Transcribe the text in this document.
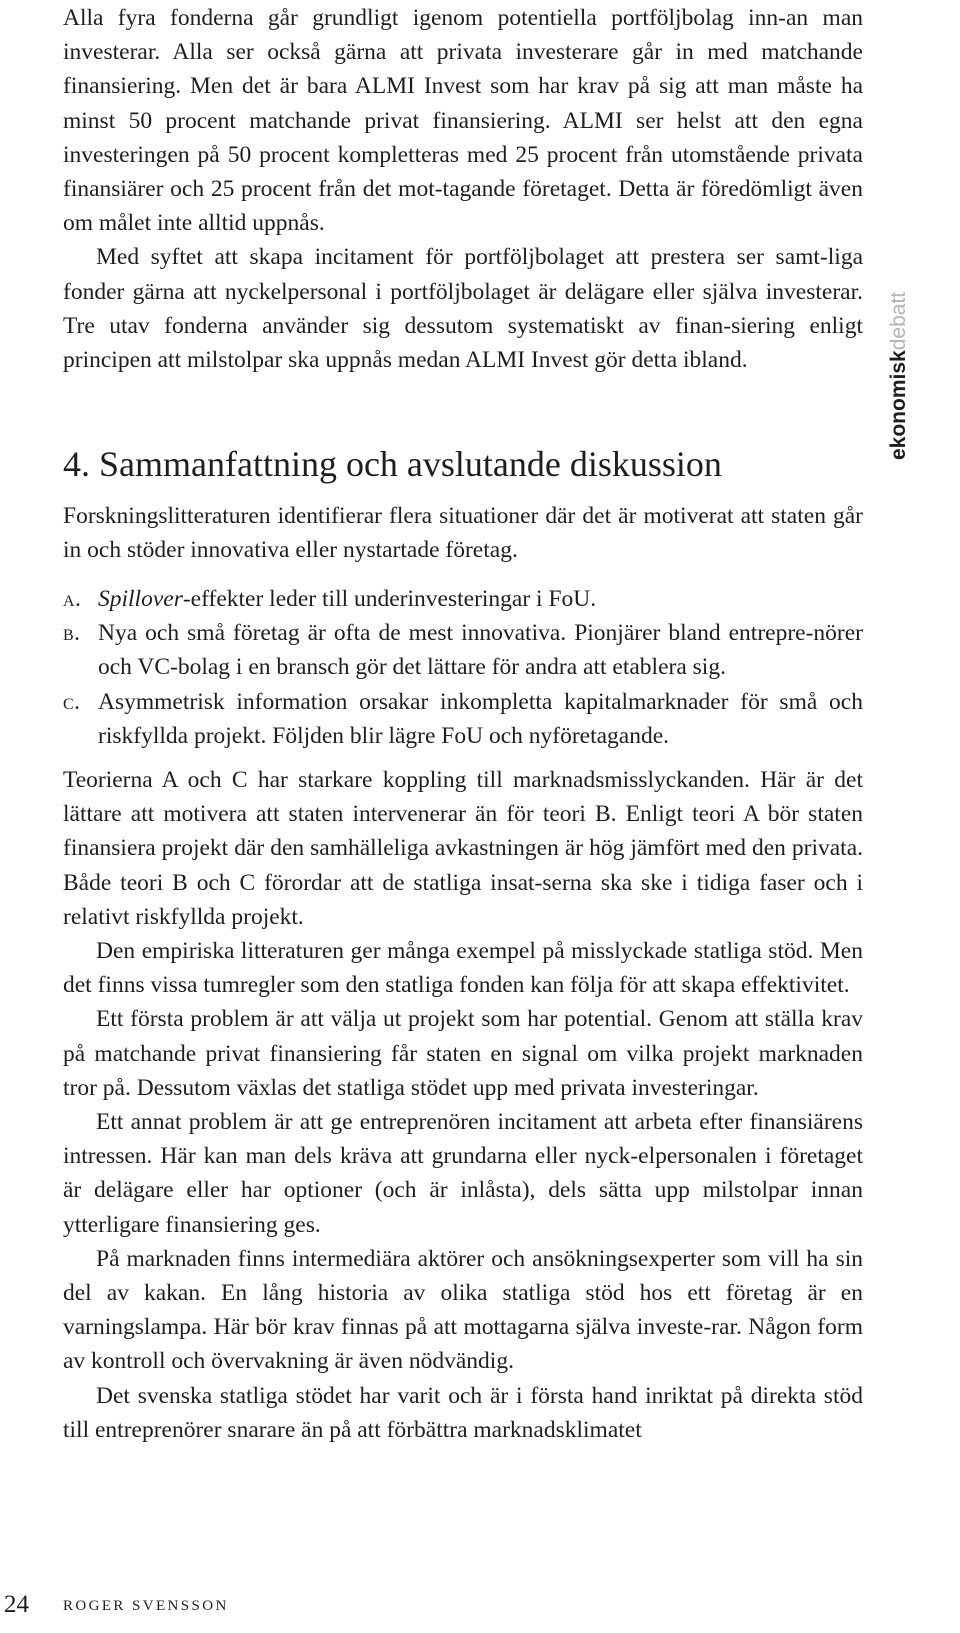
Alla fyra fonderna går grundligt igenom potentiella portföljbolag inn-an man investerar. Alla ser också gärna att privata investerare går in med matchande finansiering. Men det är bara ALMI Invest som har krav på sig att man måste ha minst 50 procent matchande privat finansiering. ALMI ser helst att den egna investeringen på 50 procent kompletteras med 25 procent från utomstående privata finansiärer och 25 procent från det mot-tagande företaget. Detta är föredömligt även om målet inte alltid uppnås.

Med syftet att skapa incitament för portföljbolaget att prestera ser samt-liga fonder gärna att nyckelpersonal i portföljbolaget är delägare eller själva investerar. Tre utav fonderna använder sig dessutom systematiskt av finan-siering enligt principen att milstolpar ska uppnås medan ALMI Invest gör detta ibland.	ekonomiskdebatt
4. Sammanfattning och avslutande diskussion

Forskningslitteraturen identifierar flera situationer där det är motiverat att staten går in och stöder innovativa eller nystartade företag.

a. Spillover-effekter leder till underinvesteringar i FoU.
b. Nya och små företag är ofta de mest innovativa. Pionjärer bland entrepre-nörer och VC-bolag i en bransch gör det lättare för andra att etablera sig.
c. Asymmetrisk information orsakar inkompletta kapitalmarknader för små och riskfyllda projekt. Följden blir lägre FoU och nyföretagande.

Teorierna A och C har starkare koppling till marknadsmisslyckanden. Här är det lättare att motivera att staten intervenerar än för teori B. Enligt teori A bör staten finansiera projekt där den samhälleliga avkastningen är hög jämfört med den privata. Både teori B och C förordar att de statliga insat-serna ska ske i tidiga faser och i relativt riskfyllda projekt.

Den empiriska litteraturen ger många exempel på misslyckade statliga stöd. Men det finns vissa tumregler som den statliga fonden kan följa för att skapa effektivitet.

Ett första problem är att välja ut projekt som har potential. Genom att ställa krav på matchande privat finansiering får staten en signal om vilka projekt marknaden tror på. Dessutom växlas det statliga stödet upp med privata investeringar.

Ett annat problem är att ge entreprenören incitament att arbeta efter finansiärens intressen. Här kan man dels kräva att grundarna eller nyck-elpersonalen i företaget är delägare eller har optioner (och är inlåsta), dels sätta upp milstolpar innan ytterligare finansiering ges.

På marknaden finns intermediära aktörer och ansökningsexperter som vill ha sin del av kakan. En lång historia av olika statliga stöd hos ett företag är en varningslampa. Här bör krav finnas på att mottagarna själva investe-rar. Någon form av kontroll och övervakning är även nödvändig.

Det svenska statliga stödet har varit och är i första hand inriktat på direkta stöd till entreprenörer snarare än på att förbättra marknadsklimatet

24 ROGER SVENSSON
